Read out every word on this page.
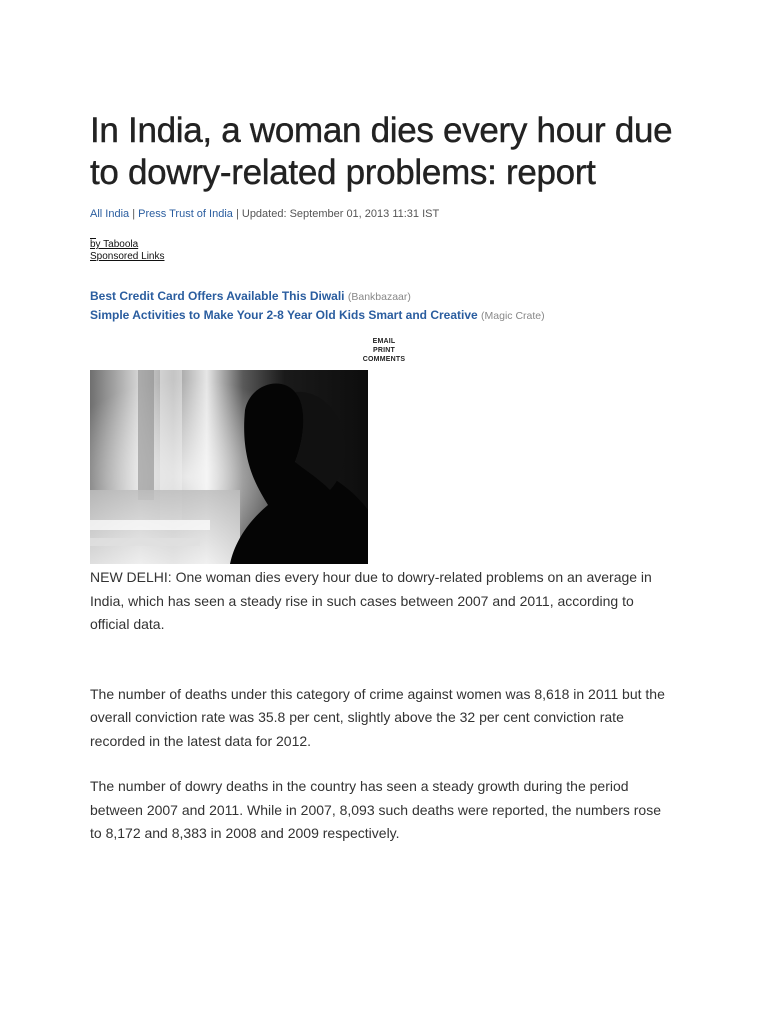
In India, a woman dies every hour due to dowry-related problems: report
All India | Press Trust of India | Updated: September 01, 2013 11:31 IST
by Taboola
Sponsored Links
Best Credit Card Offers Available This Diwali (Bankbazaar)
Simple Activities to Make Your 2-8 Year Old Kids Smart and Creative (Magic Crate)
EMAIL
PRINT
COMMENTS

NEW DELHI: One woman dies every hour due to dowry-related problems on an average in India, which has seen a steady rise in such cases between 2007 and 2011, according to official data.

The number of deaths under this category of crime against women was 8,618 in 2011 but the overall conviction rate was 35.8 per cent, slightly above the 32 per cent conviction rate recorded in the latest data for 2012.

The number of dowry deaths in the country has seen a steady growth during the period between 2007 and 2011. While in 2007, 8,093 such deaths were reported, the numbers rose to 8,172 and 8,383 in 2008 and 2009 respectively.
